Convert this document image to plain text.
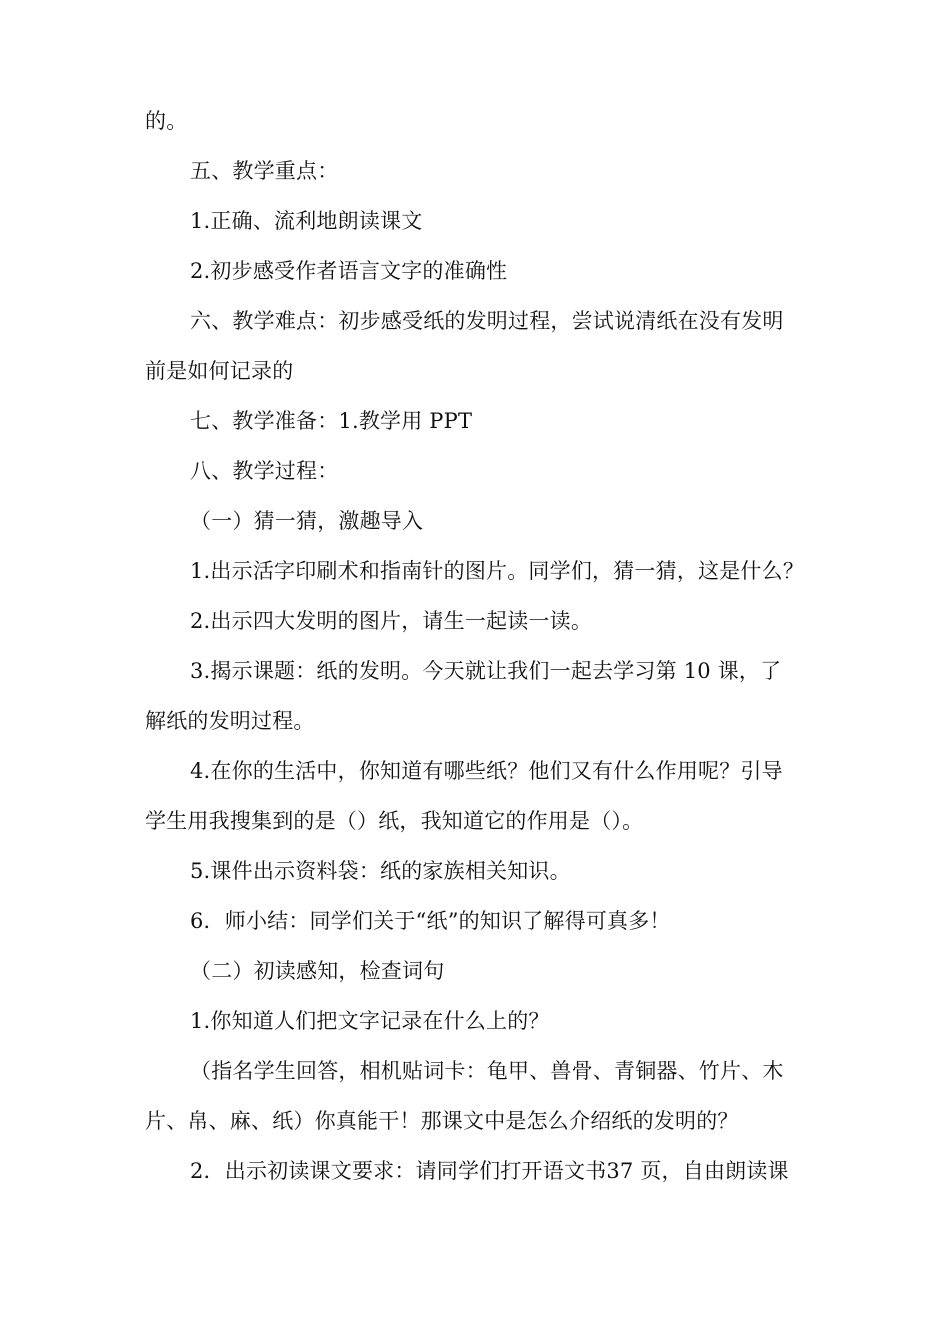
的。
五、教学重点：
1.正确、流利地朗读课文
2.初步感受作者语言文字的准确性
六、教学难点：初步感受纸的发明过程，尝试说清纸在没有发明
前是如何记录的
七、教学准备：1.教学用 PPT
八、教学过程：
（一）猜一猜，激趣导入
1.出示活字印刷术和指南针的图片。同学们，猜一猜，这是什么？
2.出示四大发明的图片，请生一起读一读。
3.揭示课题：纸的发明。今天就让我们一起去学习第 10 课，了
解纸的发明过程。
4.在你的生活中，你知道有哪些纸？他们又有什么作用呢？引导
学生用我搜集到的是（）纸，我知道它的作用是（）。
5.课件出示资料袋：纸的家族相关知识。
6．师小结：同学们关于“纸”的知识了解得可真多！
（二）初读感知，检查词句
1.你知道人们把文字记录在什么上的？
（指名学生回答，相机贴词卡：龟甲、兽骨、青铜器、竹片、木
片、帛、麻、纸）你真能干！那课文中是怎么介绍纸的发明的？
2．出示初读课文要求：请同学们打开语文书37 页，自由朗读课
